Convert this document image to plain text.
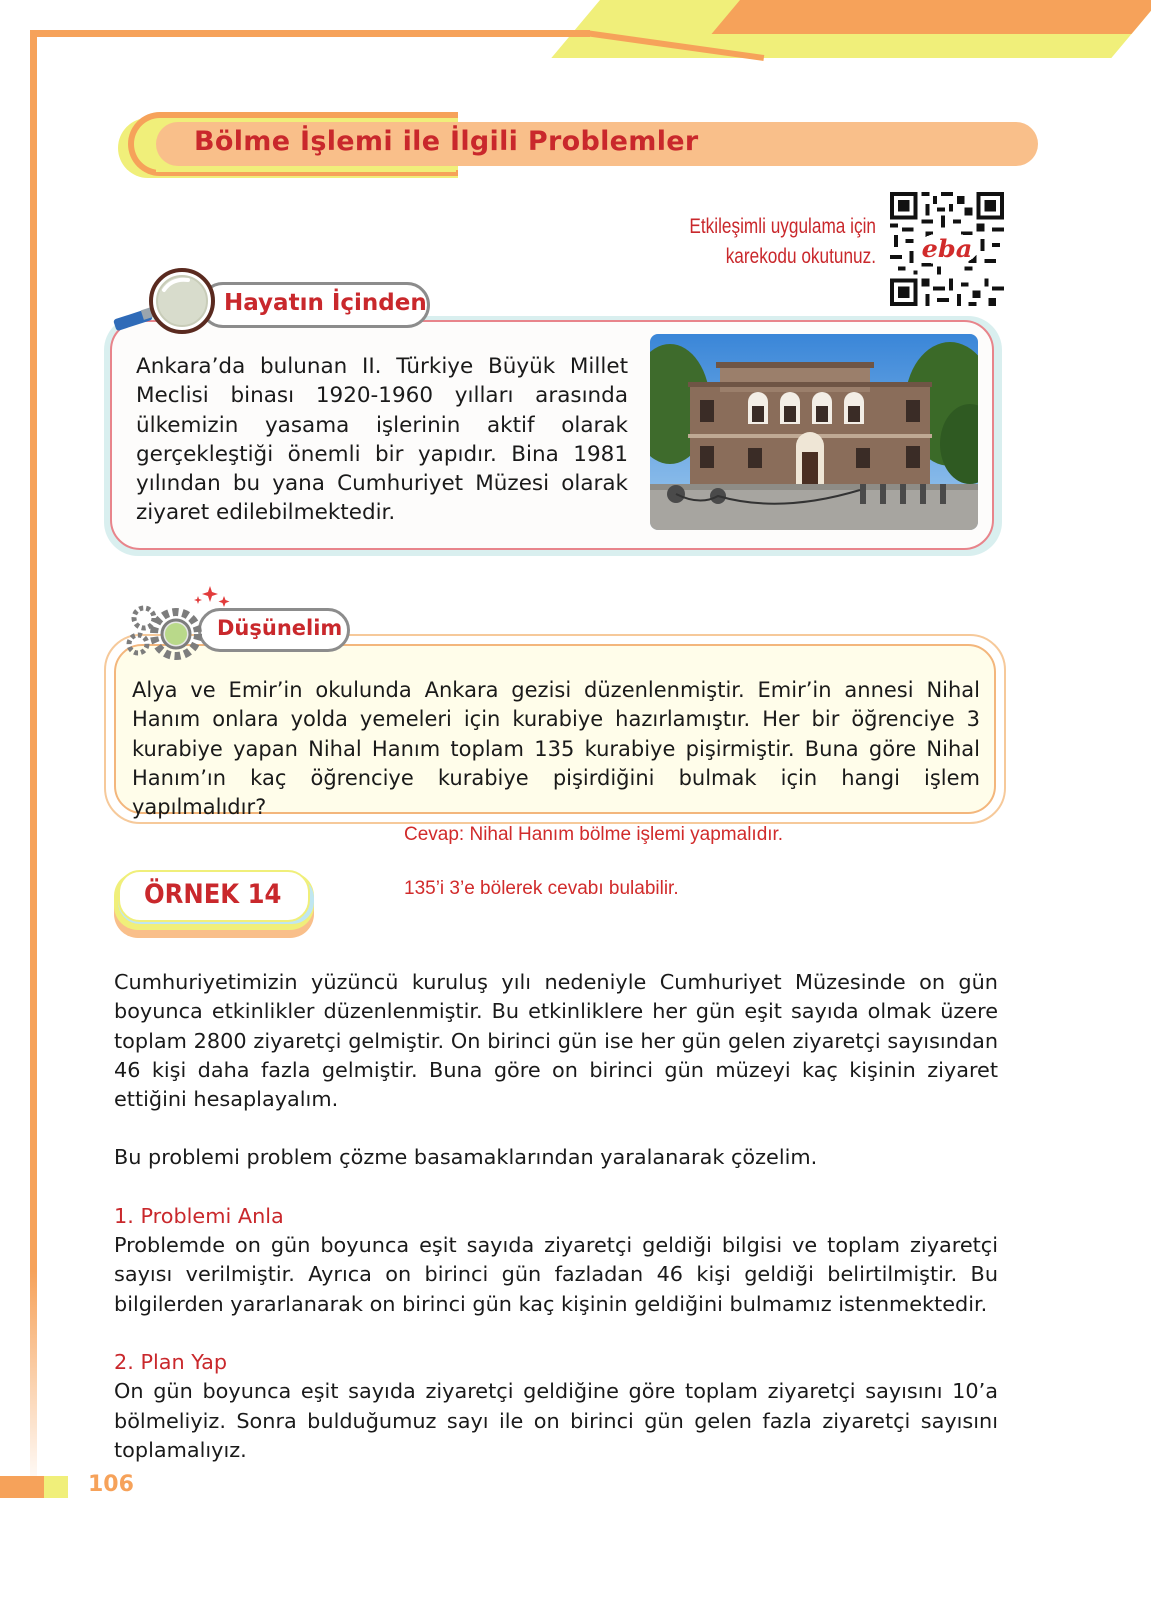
Bölme İşlemi ile İlgili Problemler
Etkileşimli uygulama için
karekodu okutunuz.	eba
Ankara’da bulunan II. Türkiye Büyük Millet Meclisi binası 1920-1960 yılları arasında ülkemizin yasama işlerinin aktif olarak gerçekleştiği önemli bir yapıdır. Bina 1981 yılından bu yana Cumhuriyet Müzesi olarak ziyaret edilebilmektedir.
Hayatın İçinden
Alya ve Emir’in okulunda Ankara gezisi düzenlenmiştir. Emir’in annesi Nihal Hanım onlara yolda yemeleri için kurabiye hazırlamıştır. Her bir öğrenciye 3 kurabiye yapan Nihal Hanım toplam 135 kurabiye pişirmiştir. Buna göre Nihal Hanım’ın kaç öğrenciye kurabiye pişirdiğini bulmak için hangi işlem yapılmalıdır?
Düşünelim
Cevap: Nihal Hanım bölme işlemi yapmalıdır.
135’i 3’e bölerek cevabı bulabilir.
ÖRNEK 14

Cumhuriyetimizin yüzüncü kuruluş yılı nedeniyle Cumhuriyet Müzesinde on gün boyunca etkinlikler düzenlenmiştir. Bu etkinliklere her gün eşit sayıda olmak üzere toplam 2800 ziyaretçi gelmiştir. On birinci gün ise her gün gelen ziyaretçi sayısından 46 kişi daha fazla gelmiştir. Buna göre on birinci gün müzeyi kaç kişinin ziyaret ettiğini hesaplayalım.

Bu problemi problem çözme basamaklarından yaralanarak çözelim.

1. Problemi Anla

Problemde on gün boyunca eşit sayıda ziyaretçi geldiği bilgisi ve toplam ziyaretçi sayısı verilmiştir. Ayrıca on birinci gün fazladan 46 kişi geldiği belirtilmiştir. Bu bilgilerden yararlanarak on birinci gün kaç kişinin geldiğini bulmamız istenmektedir.

2. Plan Yap

On gün boyunca eşit sayıda ziyaretçi geldiğine göre toplam ziyaretçi sayısını 10’a bölmeliyiz. Sonra bulduğumuz sayı ile on birinci gün gelen fazla ziyaretçi sayısını toplamalıyız.

106
